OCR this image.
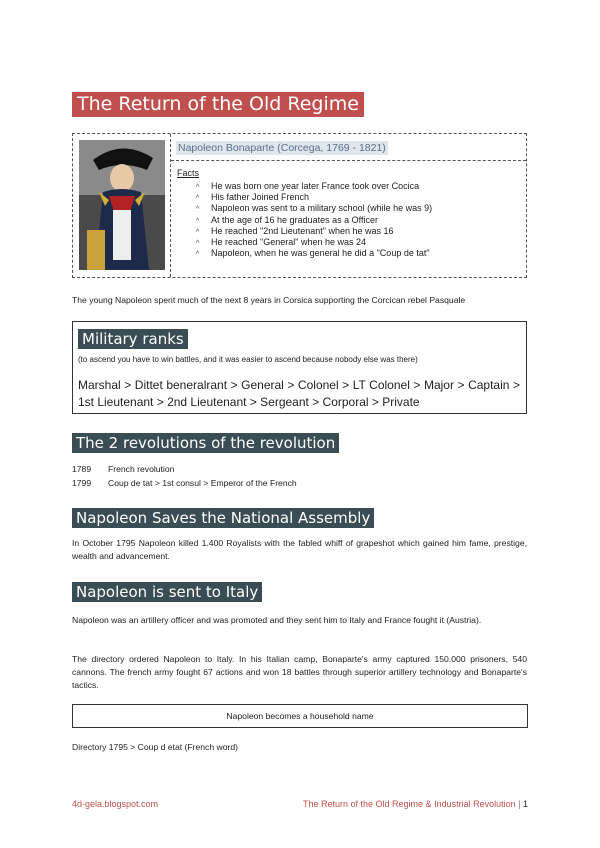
The Return of the Old Regime
Napoleon Bonaparte (Corcega, 1769 - 1821)
Facts
^ He was born one year later France took over Cocica
^ His father Joined French
^ Napoleon was sent to a military school (while he was 9)
^ At the age of 16 he graduates as a Officer
^ He reached "2nd Lieutenant" when he was 16
^ He reached "General" when he was 24
^ Napoleon, when he was general he did a "Coup de tat"
The young Napoleon spent much of the next 8 years in Corsica supporting the Corcican rebel Pasquale
Military ranks
(to ascend you have to win battles, and it was easier to ascend because nobody else was there)
Marshal > Dittet beneralrant > General > Colonel > LT Colonel > Major > Captain > 1st Lieutenant > 2nd Lieutenant > Sergeant > Corporal > Private
The 2 revolutions of the revolution
1789 French revolution
1799 Coup de tat > 1st consul > Emperor of the French
Napoleon Saves the National Assembly
In October 1795 Napoleon killed 1.400 Royalists with the fabled whiff of grapeshot which gained him fame, prestige, wealth and advancement.
Napoleon is sent to Italy
Napoleon was an artillery officer and was promoted and they sent him to Italy and France fought it (Austria).
The directory ordered Napoleon to Italy. In his Italian camp, Bonaparte's army captured 150.000 prisoners, 540 cannons. The french army fought 67 actions and won 18 battles through superior artillery technology and Bonaparte's tactics.
Napoleon becomes a household name
Directory 1795 > Coup d etat (French word)
4d-gela.blogspot.com	The Return of the Old Regime & Industrial Revolution | 1
